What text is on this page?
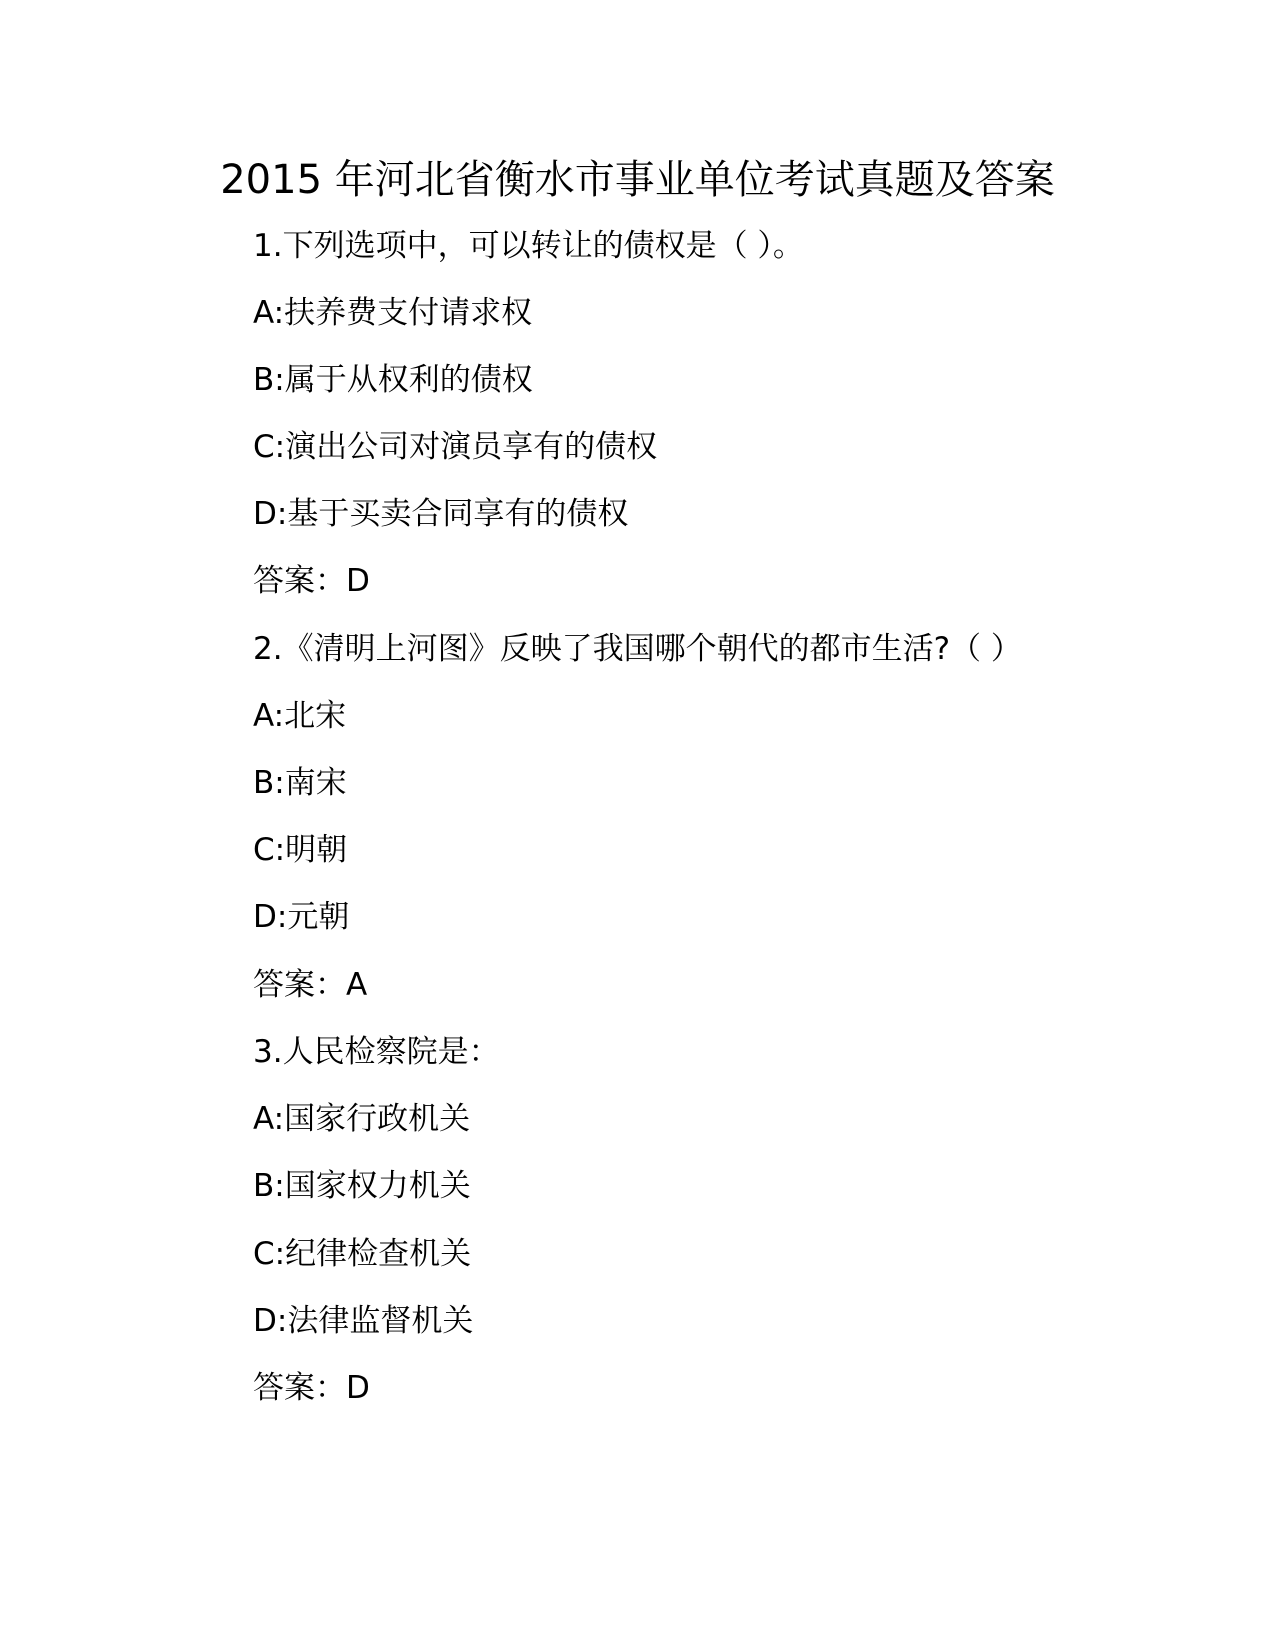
2015 年河北省衡水市事业单位考试真题及答案
1.下列选项中，可以转让的债权是（ ）。
A:扶养费支付请求权
B:属于从权利的债权
C:演出公司对演员享有的债权
D:基于买卖合同享有的债权
答案：D
2.《清明上河图》反映了我国哪个朝代的都市生活?（ ）
A:北宋
B:南宋
C:明朝
D:元朝
答案：A
3.人民检察院是：
A:国家行政机关
B:国家权力机关
C:纪律检查机关
D:法律监督机关
答案：D
